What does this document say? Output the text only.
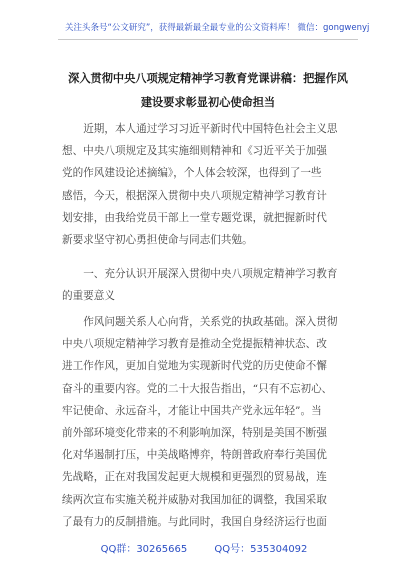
关注头条号“公文研究”，获得最新最全最专业的公文资料库！ 微信：gongwenyj
深入贯彻中央八项规定精神学习教育党课讲稿：把握作风
建设要求彰显初心使命担当
近期，本人通过学习习近平新时代中国特色社会主义思
想、中央八项规定及其实施细则精神和《习近平关于加强
党的作风建设论述摘编》，个人体会较深，也得到了一些
感悟，今天，根据深入贯彻中央八项规定精神学习教育计
划安排，由我给党员干部上一堂专题党课，就把握新时代
新要求坚守初心勇担使命与同志们共勉。
一、充分认识开展深入贯彻中央八项规定精神学习教育
的重要意义
作风问题关系人心向背，关系党的执政基础。深入贯彻
中央八项规定精神学习教育是推动全党提振精神状态、改
进工作作风，更加自觉地为实现新时代党的历史使命不懈
奋斗的重要内容。党的二十大报告指出，“只有不忘初心、
牢记使命、永远奋斗，才能让中国共产党永远年轻”。当
前外部环境变化带来的不利影响加深，特别是美国不断强
化对华遏制打压，中美战略博弈，特朗普政府奉行美国优
先战略，正在对我国发起更大规模和更强烈的贸易战，连
续两次宣布实施关税并威胁对我国加征的调整，我国采取
了最有力的反制措施。与此同时，我国自身经济运行也面
QQ群：30265665	QQ号：535304092
